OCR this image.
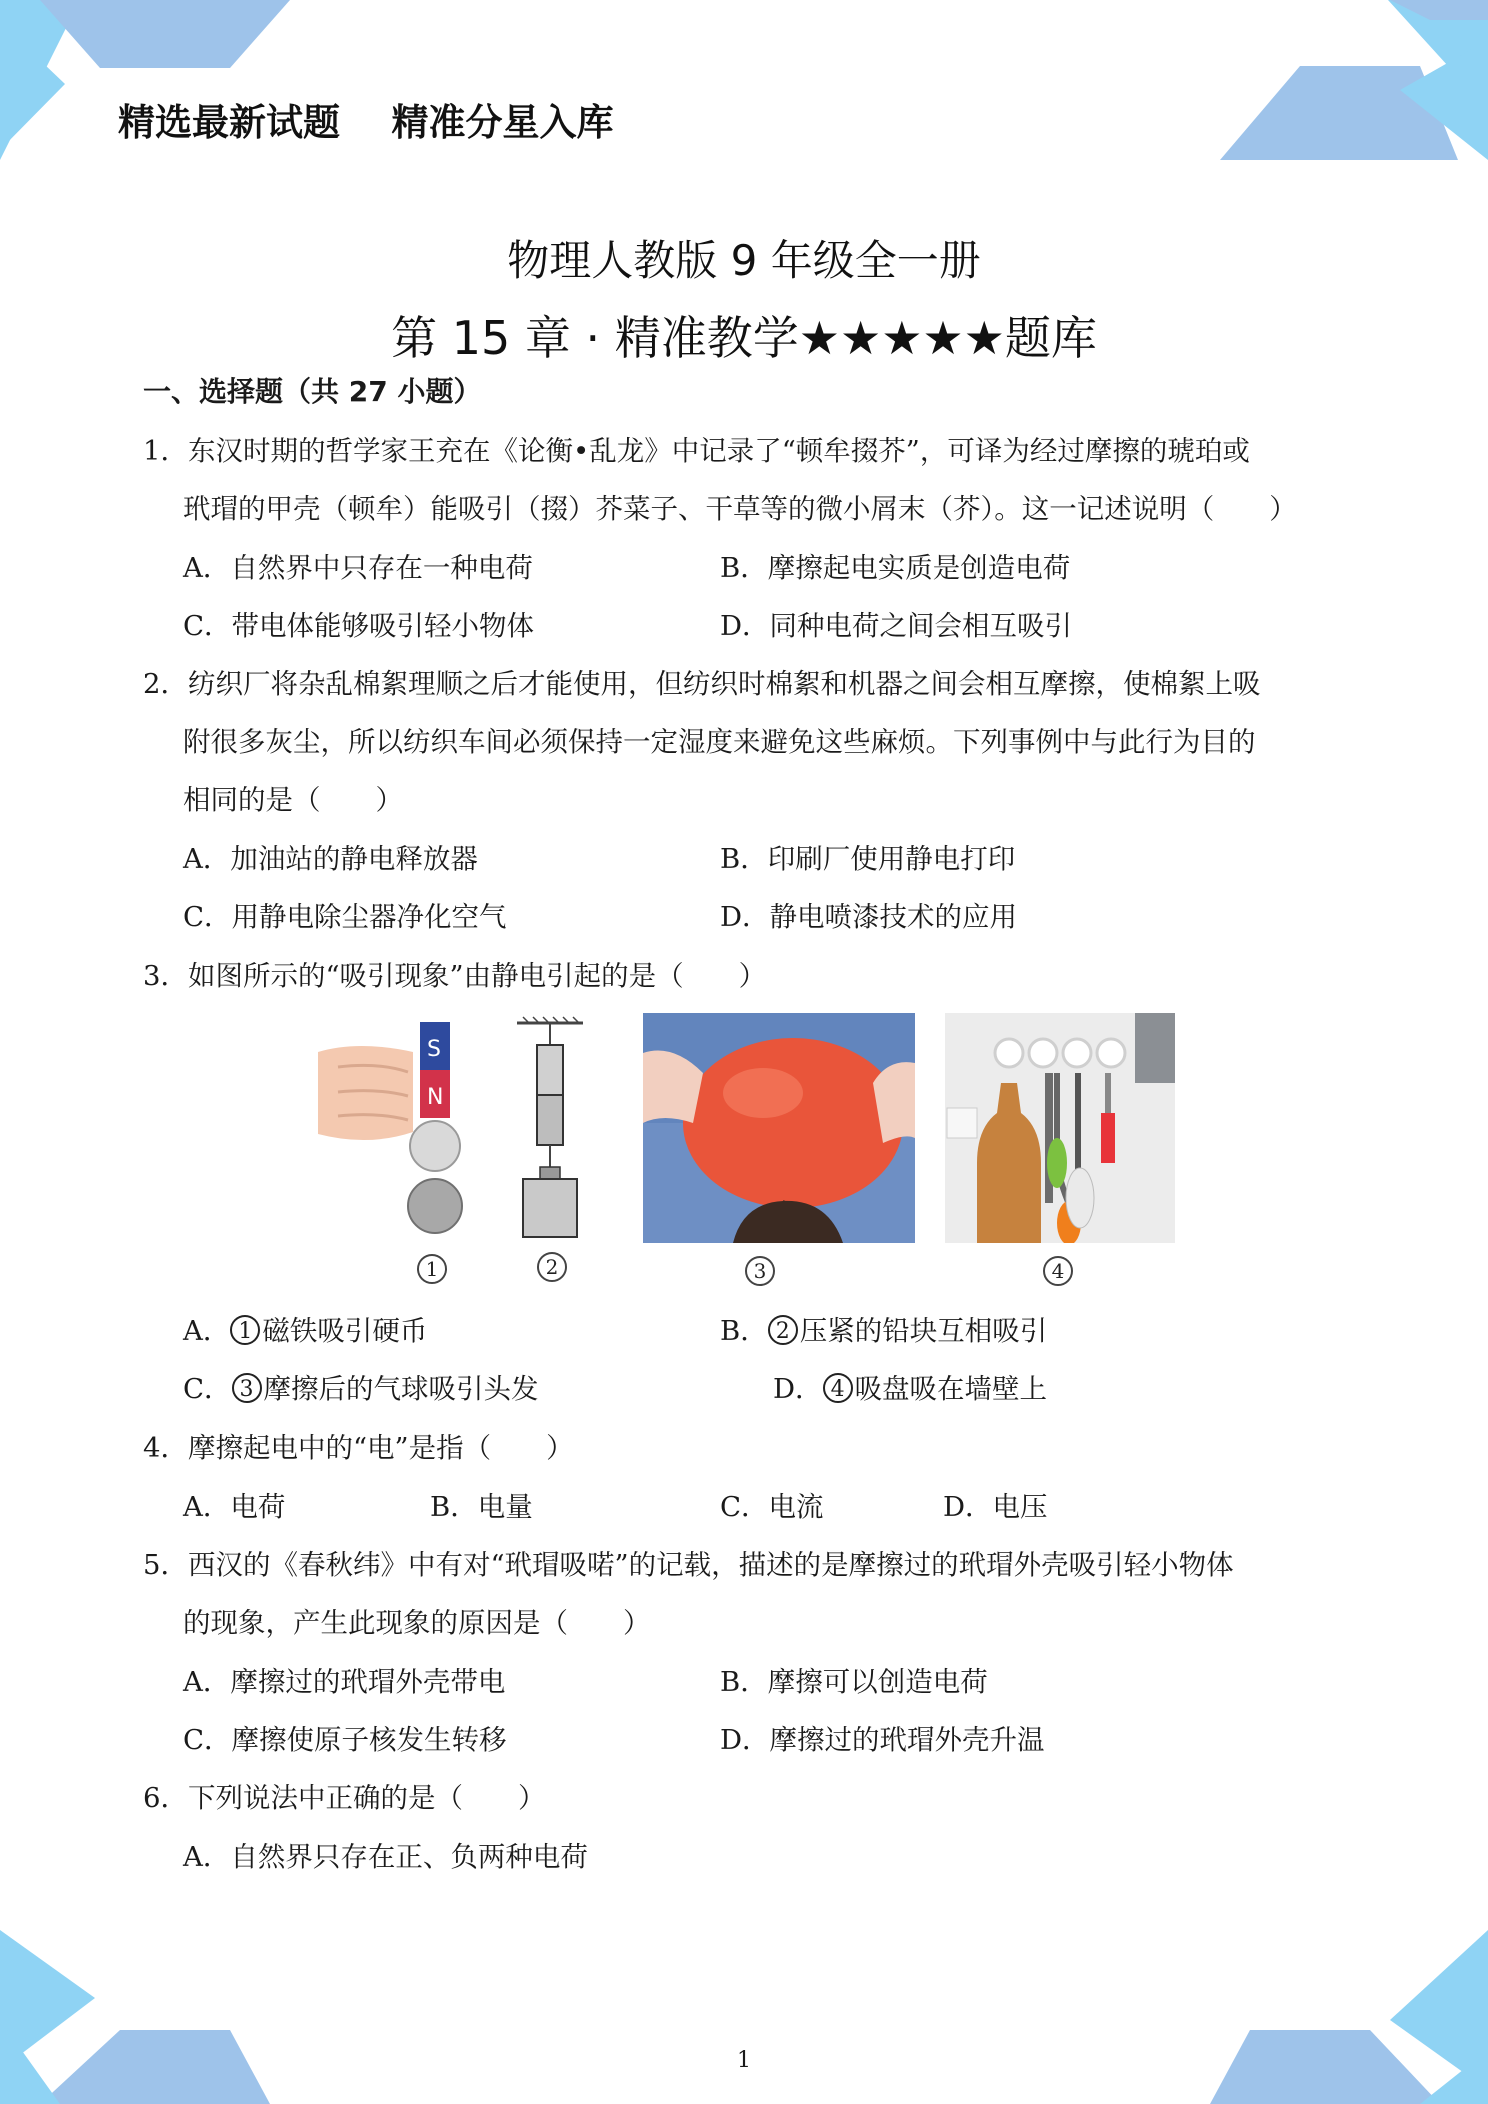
精选最新试题    精准分星入库
物理人教版 9 年级全一册
第 15 章 · 精准教学★★★★★题库
一、选择题（共 27 小题）
1．东汉时期的哲学家王充在《论衡•乱龙》中记录了“顿牟掇芥”，可译为经过摩擦的琥珀或
玳瑁的甲壳（顿牟）能吸引（掇）芥菜子、干草等的微小屑末（芥）。这一记述说明（　　）
A．自然界中只存在一种电荷	B．摩擦起电实质是创造电荷
C．带电体能够吸引轻小物体	D．同种电荷之间会相互吸引
2．纺织厂将杂乱棉絮理顺之后才能使用，但纺织时棉絮和机器之间会相互摩擦，使棉絮上吸
附很多灰尘，所以纺织车间必须保持一定湿度来避免这些麻烦。下列事例中与此行为目的
相同的是（　　）
A．加油站的静电释放器	B．印刷厂使用静电打印
C．用静电除尘器净化空气	D．静电喷漆技术的应用
3．如图所示的“吸引现象”由静电引起的是（　　）
S
N
1	2	3	4
A． 1 磁铁吸引硬币	B． 2 压紧的铅块互相吸引
C． 3 摩擦后的气球吸引头发	D． 4 吸盘吸在墙壁上
4．摩擦起电中的“电”是指（　　）
A．电荷	B．电量	C．电流	D．电压
5．西汉的《春秋纬》中有对“玳瑁吸喏”的记载，描述的是摩擦过的玳瑁外壳吸引轻小物体
的现象，产生此现象的原因是（　　）
A．摩擦过的玳瑁外壳带电	B．摩擦可以创造电荷
C．摩擦使原子核发生转移	D．摩擦过的玳瑁外壳升温
6．下列说法中正确的是（　　）
A．自然界只存在正、负两种电荷
1
